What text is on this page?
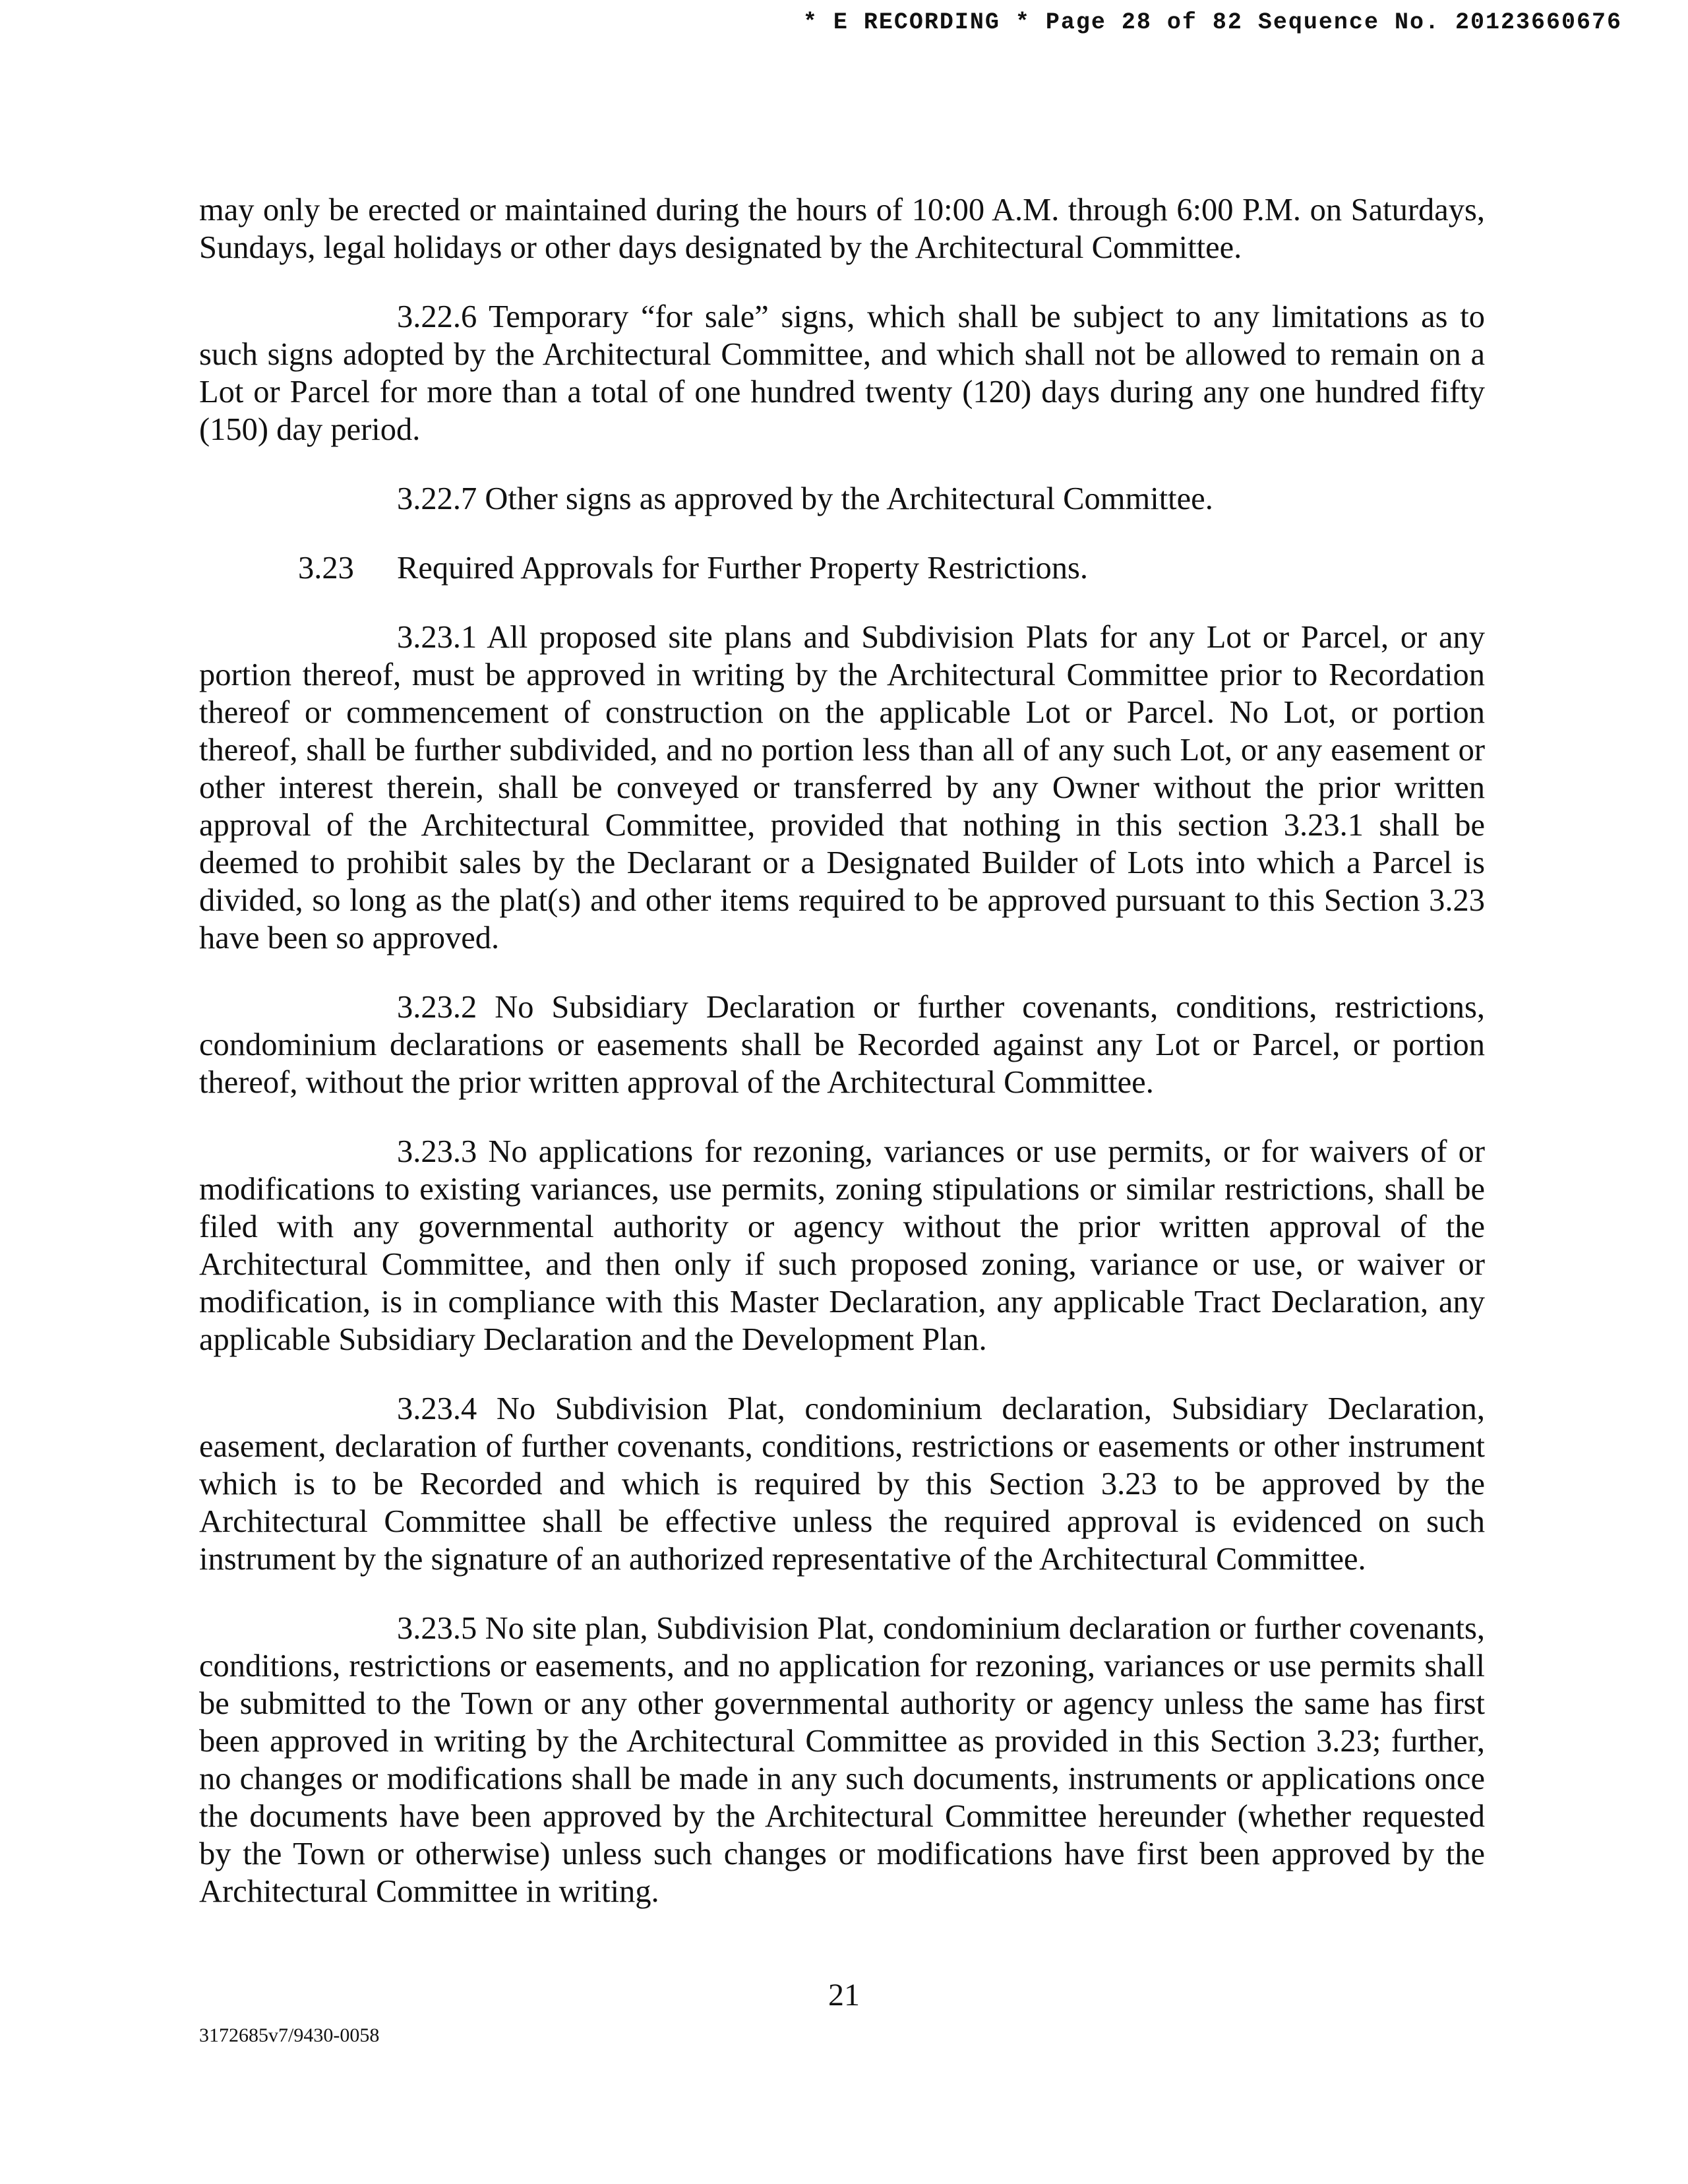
* E RECORDING * Page 28 of 82 Sequence No. 20123660676

may only be erected or maintained during the hours of 10:00 A.M. through 6:00 P.M. on Saturdays, Sundays, legal holidays or other days designated by the Architectural Committee.

3.22.6 Temporary “for sale” signs, which shall be subject to any limitations as to such signs adopted by the Architectural Committee, and which shall not be allowed to remain on a Lot or Parcel for more than a total of one hundred twenty (120) days during any one hundred fifty (150) day period.

3.22.7 Other signs as approved by the Architectural Committee.

3.23 Required Approvals for Further Property Restrictions.

3.23.1 All proposed site plans and Subdivision Plats for any Lot or Parcel, or any portion thereof, must be approved in writing by the Architectural Committee prior to Recordation thereof or commencement of construction on the applicable Lot or Parcel. No Lot, or portion thereof, shall be further subdivided, and no portion less than all of any such Lot, or any easement or other interest therein, shall be conveyed or transferred by any Owner without the prior written approval of the Architectural Committee, provided that nothing in this section 3.23.1 shall be deemed to prohibit sales by the Declarant or a Designated Builder of Lots into which a Parcel is divided, so long as the plat(s) and other items required to be approved pursuant to this Section 3.23 have been so approved.

3.23.2 No Subsidiary Declaration or further covenants, conditions, restrictions, condominium declarations or easements shall be Recorded against any Lot or Parcel, or portion thereof, without the prior written approval of the Architectural Committee.

3.23.3 No applications for rezoning, variances or use permits, or for waivers of or modifications to existing variances, use permits, zoning stipulations or similar restrictions, shall be filed with any governmental authority or agency without the prior written approval of the Architectural Committee, and then only if such proposed zoning, variance or use, or waiver or modification, is in compliance with this Master Declaration, any applicable Tract Declaration, any applicable Subsidiary Declaration and the Development Plan.

3.23.4 No Subdivision Plat, condominium declaration, Subsidiary Declaration, easement, declaration of further covenants, conditions, restrictions or easements or other instrument which is to be Recorded and which is required by this Section 3.23 to be approved by the Architectural Committee shall be effective unless the required approval is evidenced on such instrument by the signature of an authorized representative of the Architectural Committee.

3.23.5 No site plan, Subdivision Plat, condominium declaration or further covenants, conditions, restrictions or easements, and no application for rezoning, variances or use permits shall be submitted to the Town or any other governmental authority or agency unless the same has first been approved in writing by the Architectural Committee as provided in this Section 3.23; further, no changes or modifications shall be made in any such documents, instruments or applications once the documents have been approved by the Architectural Committee hereunder (whether requested by the Town or otherwise) unless such changes or modifications have first been approved by the Architectural Committee in writing.

21
3172685v7/9430-0058
